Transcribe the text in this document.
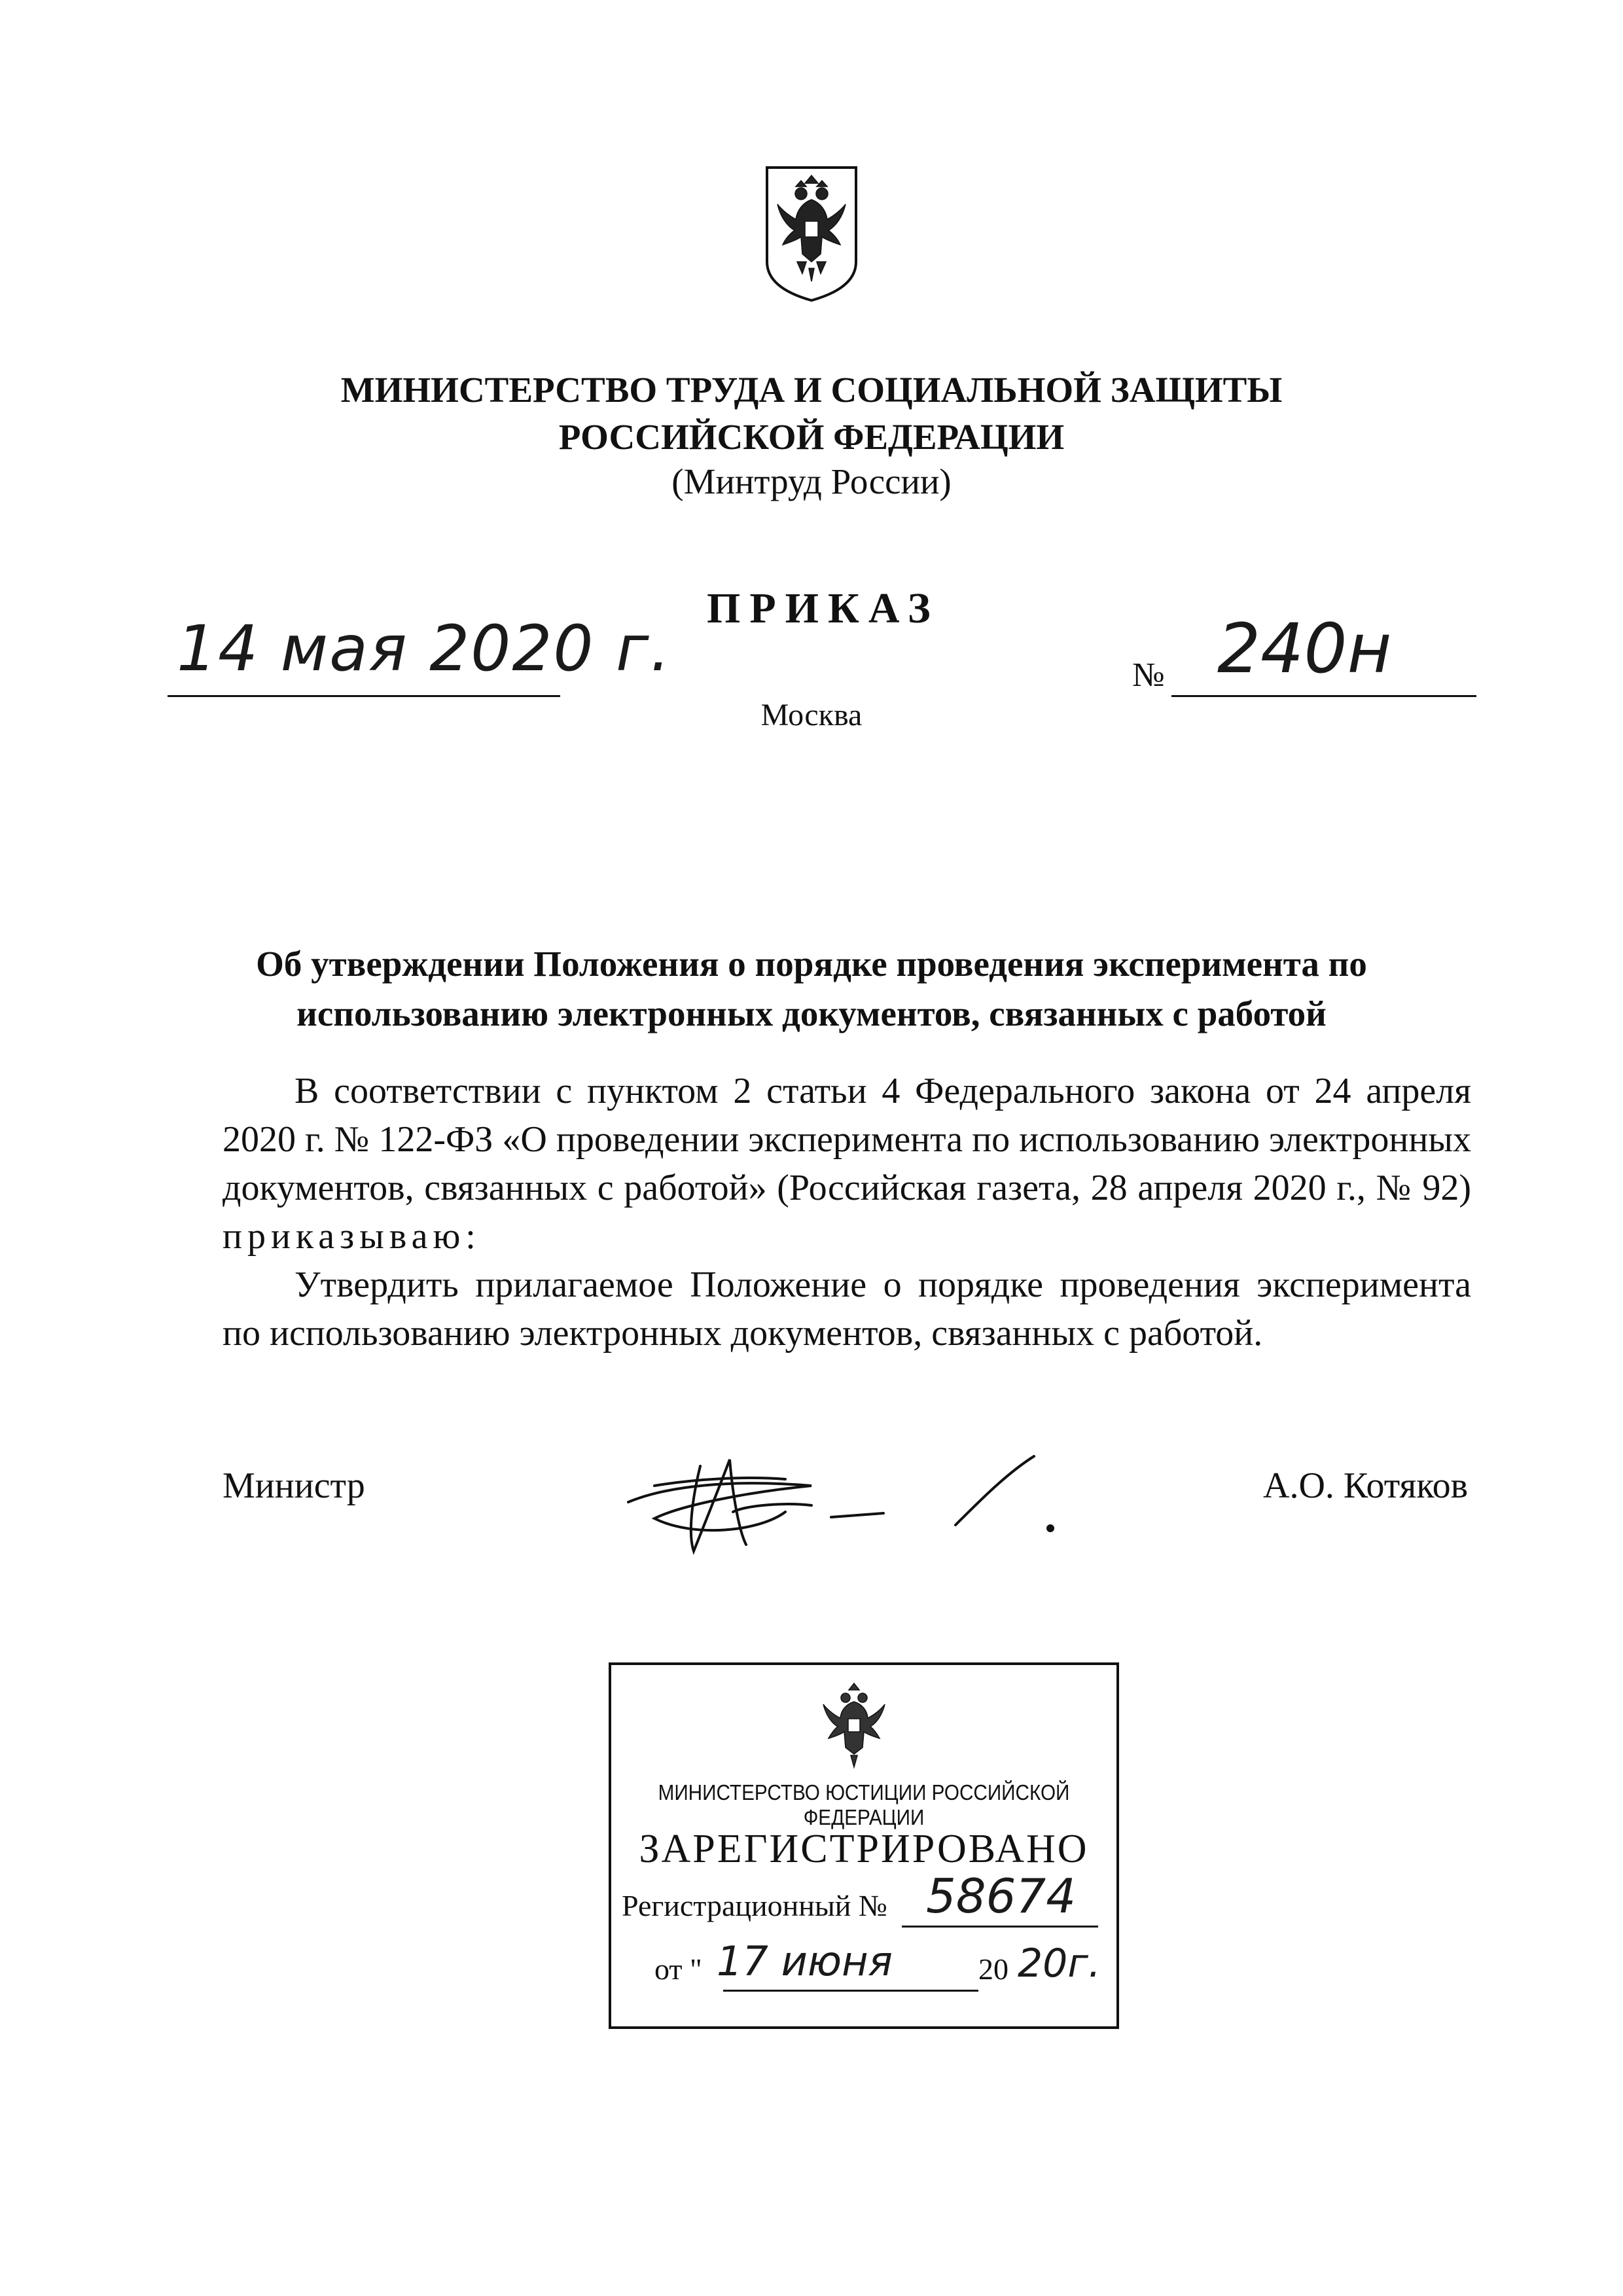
МИНИСТЕРСТВО ТРУДА И СОЦИАЛЬНОЙ ЗАЩИТЫ
РОССИЙСКОЙ ФЕДЕРАЦИИ
(Минтруд России)
ПРИКАЗ
14 мая 2020 г.	№ 240н
Москва
Об утверждении Положения о порядке проведения эксперимента по
использованию электронных документов, связанных с работой

В соответствии с пунктом 2 статьи 4 Федерального закона от 24 апреля 2020 г. № 122-ФЗ «О проведении эксперимента по использованию электронных документов, связанных с работой» (Российская газета, 28 апреля 2020 г., № 92) приказываю:

Утвердить прилагаемое Положение о порядке проведения эксперимента по использованию электронных документов, связанных с работой.

Министр	А.О. Котяков
МИНИСТЕРСТВО ЮСТИЦИИ РОССИЙСКОЙ ФЕДЕРАЦИИ
ЗАРЕГИСТРИРОВАНО
Регистрационный № 58674
от " 17 июня	20 20г.
